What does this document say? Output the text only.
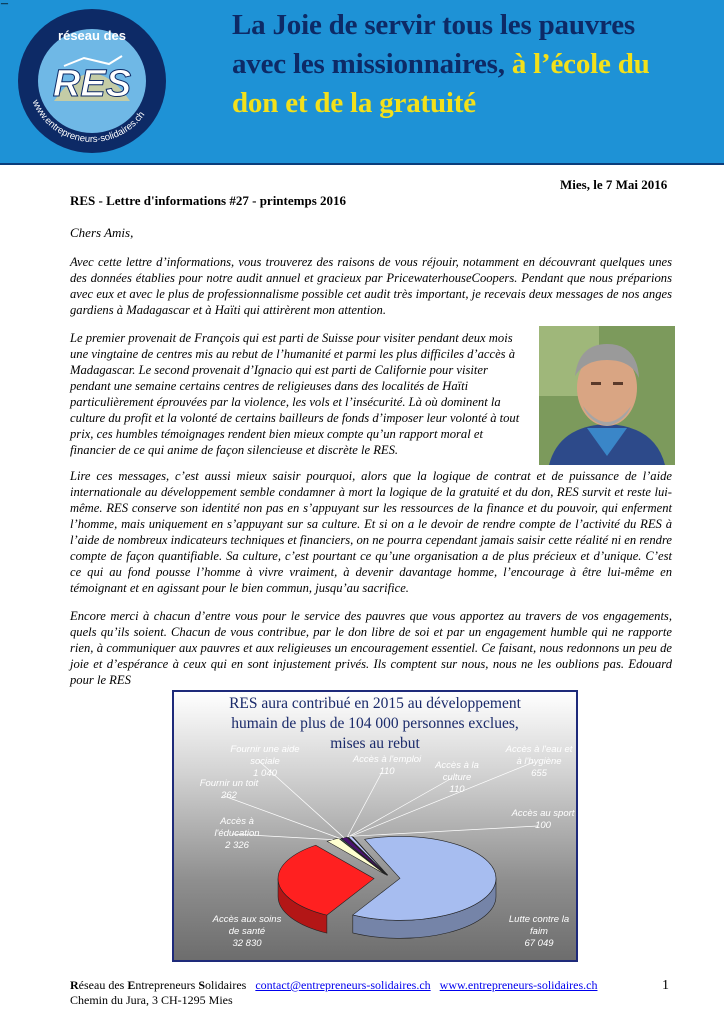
–
réseau des
RES
www.entrepreneurs-solidaires.ch
La Joie de servir tous les pauvres
avec les missionnaires, à l’école du
don et de la gratuité
Mies, le 7 Mai 2016
RES - Lettre d'informations #27 - printemps 2016
Chers Amis,
Avec cette lettre d’informations, vous trouverez des raisons de vous réjouir, notamment en découvrant quelques unes des données établies pour notre audit annuel et gracieux par PricewaterhouseCoopers. Pendant que nous préparions avec eux et avec le plus de professionnalisme possible cet audit très important, je recevais deux messages de nos anges gardiens à Madagascar et à Haïti qui attirèrent mon attention.
Le premier provenait de François qui est parti de Suisse pour visiter pendant deux mois une vingtaine de centres mis au rebut de l’humanité et parmi les plus difficiles d’accès à Madagascar. Le second provenait d’Ignacio qui est parti de Californie pour visiter pendant une semaine certains centres de religieuses dans des localités de Haïti particulièrement éprouvées par la violence, les vols et l’insécurité. Là où dominent la culture du profit et la volonté de certains bailleurs de fonds d’imposer leur volonté à tout prix, ces humbles témoignages rendent bien mieux compte qu’un rapport moral et financier de ce qui anime de façon silencieuse et discrète le RES.
Lire ces messages, c’est aussi mieux saisir pourquoi, alors que la logique de contrat et de puissance de l’aide internationale au développement semble condamner à mort la logique de la gratuité et du don, RES survit et reste lui-même. RES conserve son identité non pas en s’appuyant sur les ressources de la finance et du pouvoir, qui enferment l’homme, mais uniquement en s’appuyant sur sa culture. Et si on a le devoir de rendre compte de l’activité du RES à l’aide de nombreux indicateurs techniques et financiers, on ne pourra cependant jamais saisir cette réalité ni en rendre compte de façon quantifiable. Sa culture, c’est pourtant ce qu’une organisation a de plus précieux et d’unique. C’est ce qui au fond pousse l’homme à vivre vraiment, à devenir davantage homme, l’encourage à être lui-même en témoignant et en agissant pour le bien commun, jusqu’au sacrifice.
Encore merci à chacun d’entre vous pour le service des pauvres que vous apportez au travers de vos engagements, quels qu’ils soient. Chacun de vous contribue, par le don libre de soi et par un engagement humble qui ne rapporte rien, à communiquer aux pauvres et aux religieuses un encouragement essentiel. Ce faisant, nous redonnons un peu de joie et d’espérance à ceux qui en sont injustement privés. Ils comptent sur nous, nous ne les oublions pas. Edouard pour le RES
RES aura contribué en 2015 au développement
humain de plus de 104 000 personnes exclues,
mises au rebut
Lutte contre la
faim
67 049
Accès aux soins
de santé
32 830
Accès à
l'éducation
2 326
Fournir un toit
262
Fournir une aide
sociale
1 040
Accès à l'emploi
110
Accès à la
culture
110
Accès à l'eau et
à l'hygiène
655
Accès au sport
100
Réseau des Entrepreneurs Solidaires contact@entrepreneurs-solidaires.ch www.entrepreneurs-solidaires.ch
Chemin du Jura, 3 CH-1295 Mies
1
